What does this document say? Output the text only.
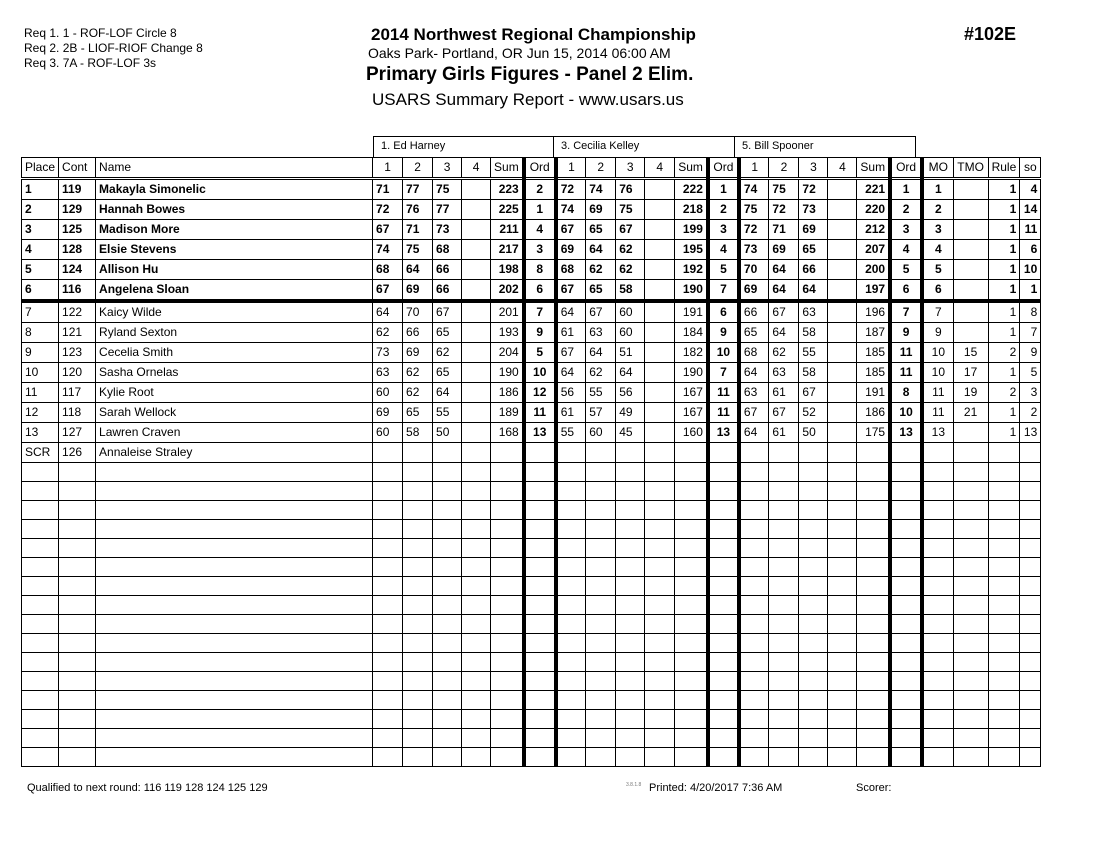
Req 1. 1 - ROF-LOF Circle 8
Req 2. 2B - LIOF-RIOF Change 8
Req 3. 7A - ROF-LOF 3s
2014 Northwest Regional Championship
Oaks Park- Portland, OR Jun 15, 2014 06:00 AM
Primary Girls Figures - Panel 2 Elim.
USARS Summary Report - www.usars.us
#102E
1. Ed Harney	3. Cecilia Kelley	5. Bill Spooner
Place	Cont	Name	1	2	3	4	Sum	Ord	1	2	3	4	Sum	Ord	1	2	3	4	Sum	Ord	MO	TMO	Rule	so
1	119	Makayla Simonelic	71	77	75		223	2	72	74	76		222	1	74	75	72		221	1	1		1	4
2	129	Hannah Bowes	72	76	77		225	1	74	69	75		218	2	75	72	73		220	2	2		1	14
3	125	Madison More	67	71	73		211	4	67	65	67		199	3	72	71	69		212	3	3		1	11
4	128	Elsie Stevens	74	75	68		217	3	69	64	62		195	4	73	69	65		207	4	4		1	6
5	124	Allison Hu	68	64	66		198	8	68	62	62		192	5	70	64	66		200	5	5		1	10
6	116	Angelena Sloan	67	69	66		202	6	67	65	58		190	7	69	64	64		197	6	6		1	1
7	122	Kaicy Wilde	64	70	67		201	7	64	67	60		191	6	66	67	63		196	7	7		1	8
8	121	Ryland Sexton	62	66	65		193	9	61	63	60		184	9	65	64	58		187	9	9		1	7
9	123	Cecelia Smith	73	69	62		204	5	67	64	51		182	10	68	62	55		185	11	10	15	2	9
10	120	Sasha Ornelas	63	62	65		190	10	64	62	64		190	7	64	63	58		185	11	10	17	1	5
11	117	Kylie Root	60	62	64		186	12	56	55	56		167	11	63	61	67		191	8	11	19	2	3
12	118	Sarah Wellock	69	65	55		189	11	61	57	49		167	11	67	67	52		186	10	11	21	1	2
13	127	Lawren Craven	60	58	50		168	13	55	60	45		160	13	64	61	50		175	13	13		1	13
SCR	126	Annaleise Straley																						

Qualified to next round: 116 119 128 124 125 129	3.8.1.8 Printed: 4/20/2017 7:36 AM	Scorer:
